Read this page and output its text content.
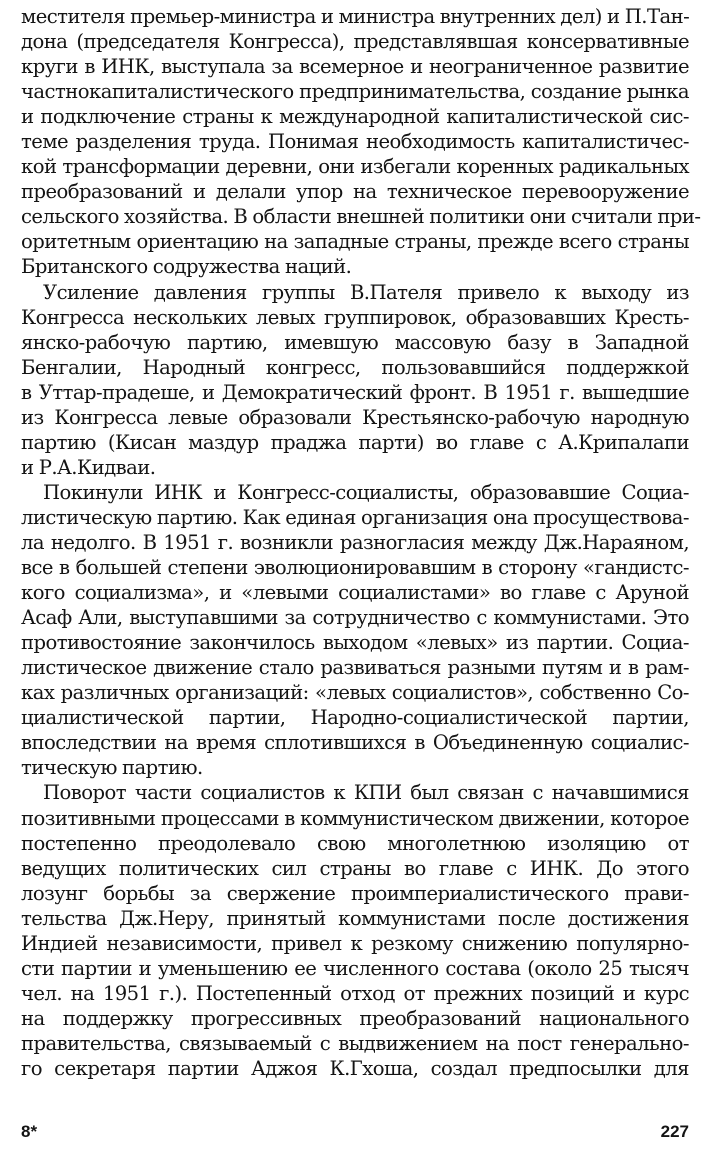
местителя премьер-министра и министра внутренних дел) и П.Тан-
дона (председателя Конгресса), представлявшая консервативные
круги в ИНК, выступала за всемерное и неограниченное развитие
частнокапиталистического предпринимательства, создание рынка
и подключение страны к международной капиталистической сис-
теме разделения труда. Понимая необходимость капиталистичес-
кой трансформации деревни, они избегали коренных радикальных
преобразований и делали упор на техническое перевооружение
сельского хозяйства. В области внешней политики они считали при-
оритетным ориентацию на западные страны, прежде всего страны
Британского содружества наций.
Усиление давления группы В.Пателя привело к выходу из
Конгресса нескольких левых группировок, образовавших Кресть-
янско-рабочую партию, имевшую массовую базу в Западной
Бенгалии, Народный конгресс, пользовавшийся поддержкой
в Уттар-прадеше, и Демократический фронт. В 1951 г. вышедшие
из Конгресса левые образовали Крестьянско-рабочую народную
партию (Кисан маздур праджа парти) во главе с А.Крипалапи
и Р.А.Кидваи.
Покинули ИНК и Конгресс-социалисты, образовавшие Социа-
листическую партию. Как единая организация она просуществова-
ла недолго. В 1951 г. возникли разногласия между Дж.Нараяном,
все в большей степени эволюционировавшим в сторону «гандистс-
кого социализма», и «левыми социалистами» во главе с Аруной
Асаф Али, выступавшими за сотрудничество с коммунистами. Это
противостояние закончилось выходом «левых» из партии. Социа-
листическое движение стало развиваться разными путям и в рам-
ках различных организаций: «левых социалистов», собственно Со-
циалистической партии, Народно-социалистической партии,
впоследствии на время сплотившихся в Объединенную социалис-
тическую партию.
Поворот части социалистов к КПИ был связан с начавшимися
позитивными процессами в коммунистическом движении, которое
постепенно преодолевало свою многолетнюю изоляцию от
ведущих политических сил страны во главе с ИНК. До этого
лозунг борьбы за свержение проимпериалистического прави-
тельства Дж.Неру, принятый коммунистами после достижения
Индией независимости, привел к резкому снижению популярно-
сти партии и уменьшению ее численного состава (около 25 тысяч
чел. на 1951 г.). Постепенный отход от прежних позиций и курс
на поддержку прогрессивных преобразований национального
правительства, связываемый с выдвижением на пост генерально-
го секретаря партии Аджоя К.Гхоша, создал предпосылки для
8*	227
